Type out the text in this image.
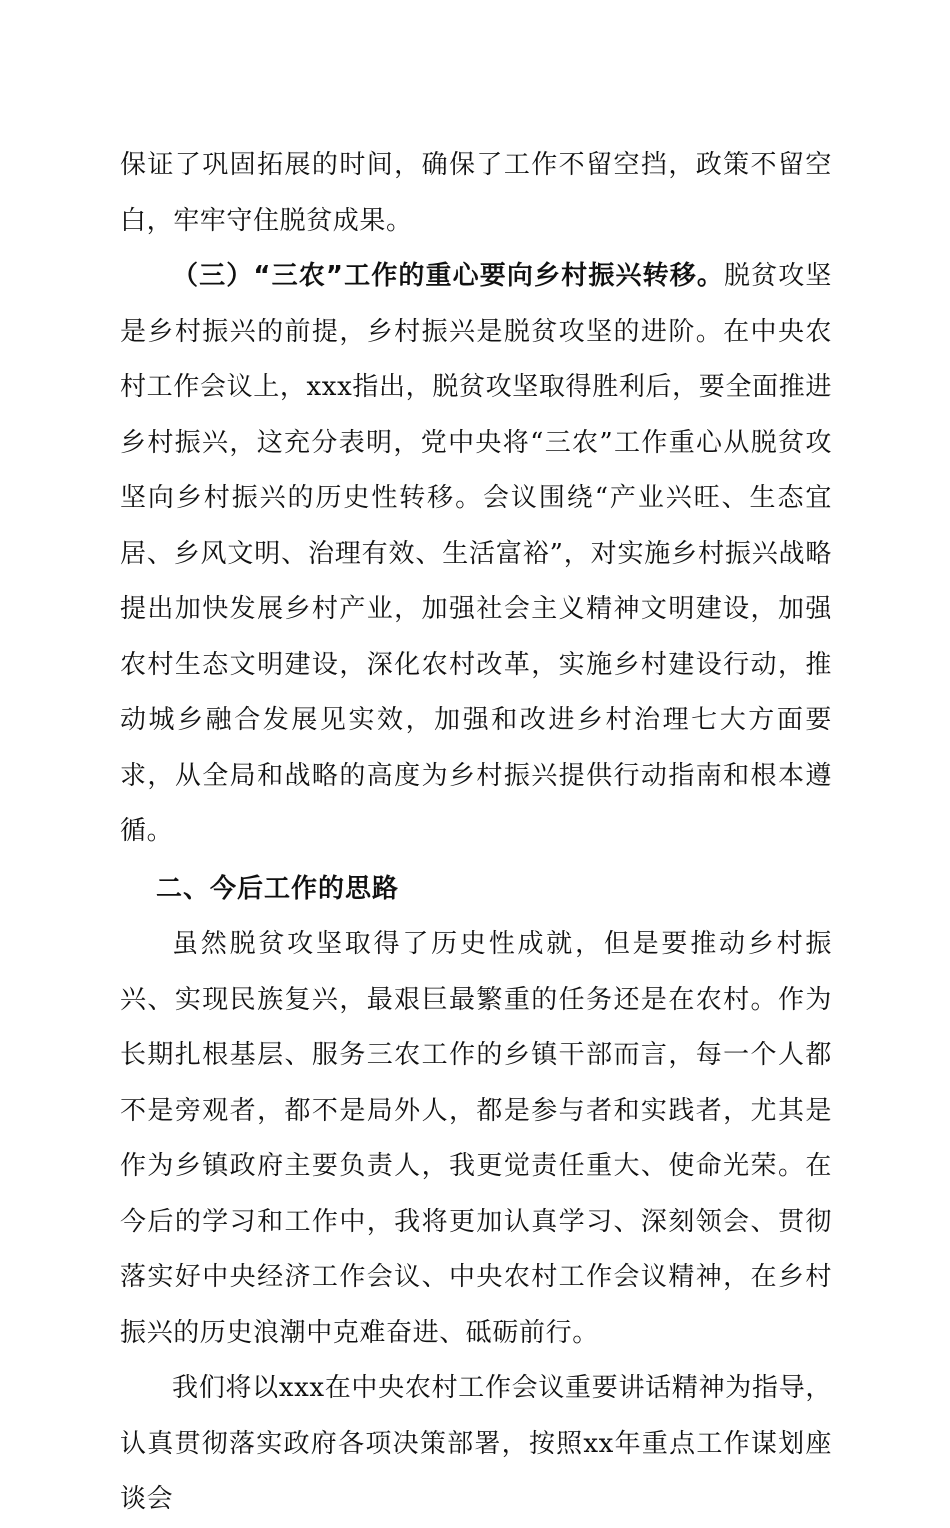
保证了巩固拓展的时间，确保了工作不留空挡，政策不留空白，牢牢守住脱贫成果。

（三）“三农”工作的重心要向乡村振兴转移。脱贫攻坚是乡村振兴的前提，乡村振兴是脱贫攻坚的进阶。在中央农村工作会议上，xxx指出，脱贫攻坚取得胜利后，要全面推进乡村振兴，这充分表明，党中央将“三农”工作重心从脱贫攻坚向乡村振兴的历史性转移。会议围绕“产业兴旺、生态宜居、乡风文明、治理有效、生活富裕”，对实施乡村振兴战略提出加快发展乡村产业，加强社会主义精神文明建设，加强农村生态文明建设，深化农村改革，实施乡村建设行动，推动城乡融合发展见实效，加强和改进乡村治理七大方面要求，从全局和战略的高度为乡村振兴提供行动指南和根本遵循。

二、今后工作的思路

虽然脱贫攻坚取得了历史性成就，但是要推动乡村振兴、实现民族复兴，最艰巨最繁重的任务还是在农村。作为长期扎根基层、服务三农工作的乡镇干部而言，每一个人都不是旁观者，都不是局外人，都是参与者和实践者，尤其是作为乡镇政府主要负责人，我更觉责任重大、使命光荣。在今后的学习和工作中，我将更加认真学习、深刻领会、贯彻落实好中央经济工作会议、中央农村工作会议精神，在乡村振兴的历史浪潮中克难奋进、砥砺前行。

我们将以xxx在中央农村工作会议重要讲话精神为指导，认真贯彻落实政府各项决策部署，按照xx年重点工作谋划座谈会
